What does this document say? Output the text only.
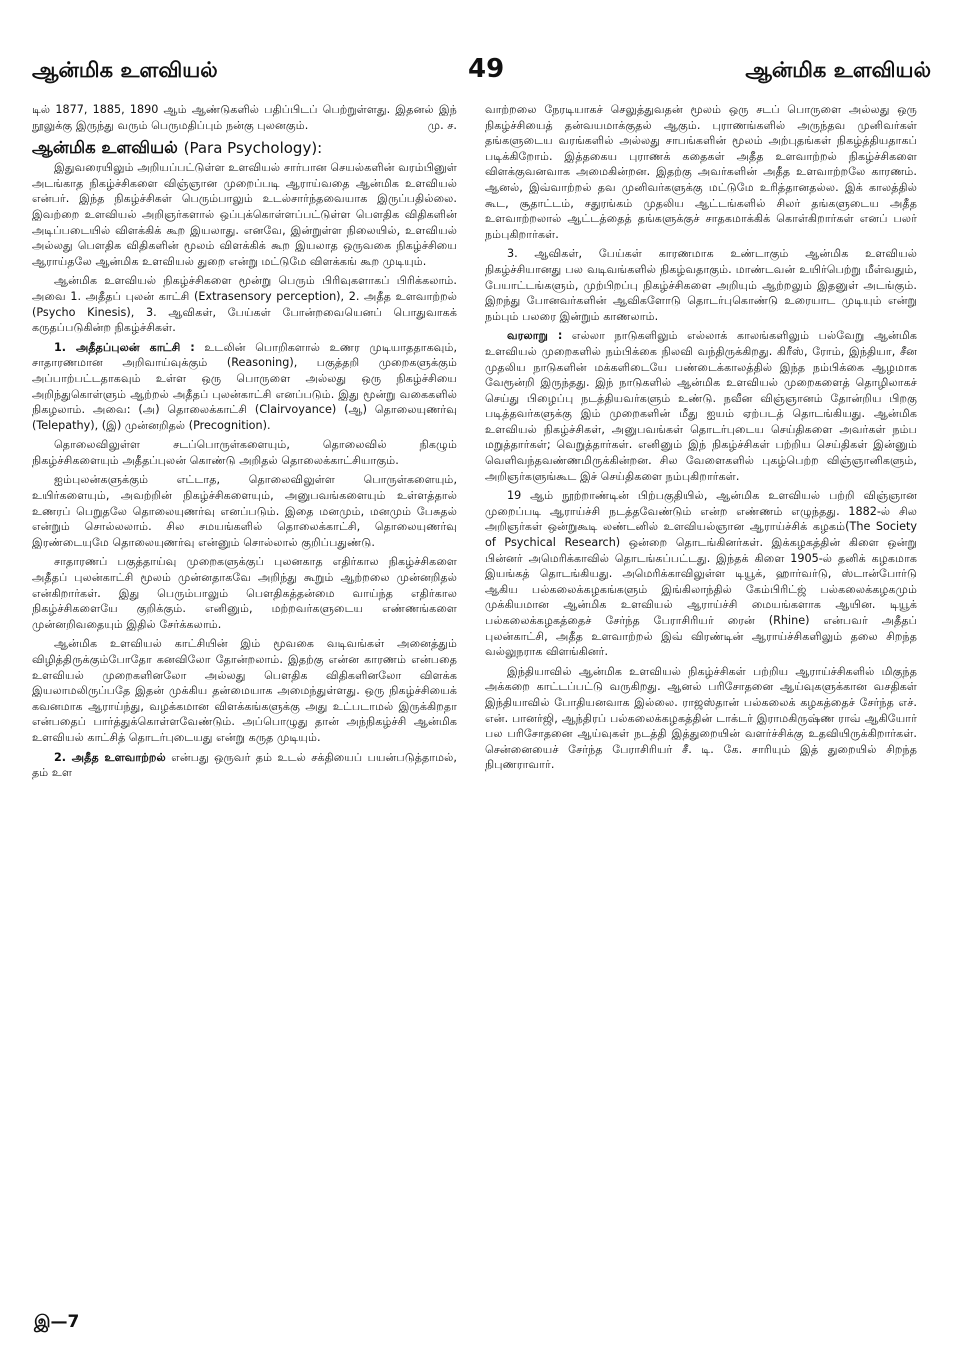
ஆன்மிக உளவியல்	49	ஆன்மிக உளவியல்

டில் 1877, 1885, 1890 ஆம் ஆண்டுகளில் பதிப்பிடப் பெற்றுள்ளது. இதனல் இந் நூலுக்கு இருந்து வரும் பெருமதிப்பும் நன்கு புலனகும்.	மு. ச.

ஆன்மிக உளவியல் (Para Psychology):

இதுவரையிலும் அறியப்பட்டுள்ள உளவியல் சார்பான செயல்களின் வரம்பினுள் அடங்காத நிகழ்ச்சிகளை விஞ்ஞான முறைப்படி ஆராய்வதை ஆன்மிக உளவியல் என்பர். இந்த நிகழ்ச்சிகள் பெரும்பாலும் உடல்சார்ந்தவையாக இருப்பதில்லை. இவற்றை உளவியல் அறிஞர்களால் ஒப்புக்கொள்ளப்பட்டுள்ள பௌதிக விதிகளின் அடிப்படையில் விளக்கிக் கூற இயலாது. எனவே, இன்றுள்ள நிலையில், உளவியல் அல்லது பௌதிக விதிகளின் மூலம் விளக்கிக் கூற இயலாத ஒருவகை நிகழ்ச்சியை ஆராய்தலே ஆன்மிக உளவியல் துறை என்று மட்டுமே விளக்கங் கூற முடியும்.

ஆன்மிக உளவியல் நிகழ்ச்சிகளை மூன்று பெரும் பிரிவுகளாகப் பிரிக்கலாம். அவை 1. அதீதப் புலன் காட்சி (Extrasensory perception), 2. அதீத உளவாற்றல் (Psycho Kinesis), 3. ஆவிகள், பேய்கள் போன்றவையெனப் பொதுவாகக் கருதப்படுகின்ற நிகழ்ச்சிகள்.

1. அதீதப்புலன் காட்சி : உடலின் பொறிகளால் உணர முடியாததாகவும், சாதாரணமான அறிவாய்வுக்கும் (Reasoning), பகுத்தறி முறைகளுக்கும் அப்பாற்பட்டதாகவும் உள்ள ஒரு பொருளை அல்லது ஒரு நிகழ்ச்சியை அறிந்துகொள்ளும் ஆற்றல் அதீதப் புலன்காட்சி எனப்படும். இது மூன்று வகைகளில் நிகழலாம். அவை: (அ) தொலைக்காட்சி (Clairvoyance) (ஆ) தொலையுணர்வு (Telepathy), (இ) முன்னறிதல் (Precognition).

தொலைவிலுள்ள சடப்பொருள்களையும், தொலைவில் நிகழும் நிகழ்ச்சிகளையும் அதீதப்புலன் கொண்டு அறிதல் தொலைக்காட்சியாகும்.

ஐம்புலன்களுக்கும் எட்டாத, தொலைவிலுள்ள பொருள்களையும், உயிர்களையும், அவற்றின் நிகழ்ச்சிகளையும், அனுபவங்களையும் உள்ளத்தால் உணரப் பெறுதலே தொலையுணர்வு எனப்படும். இதை மனமும், மனமும் பேசுதல் என்றும் சொல்லலாம். சில சமயங்களில் தொலைக்காட்சி, தொலையுணர்வு இரண்டையுமே தொலையுணர்வு என்னும் சொல்லால் குறிப்பதுண்டு.

சாதாரணப் பகுத்தாய்வு முறைகளுக்குப் புலனகாத எதிர்கால நிகழ்ச்சிகளை அதீதப் புலன்காட்சி மூலம் முன்னதாகவே அறிந்து கூறும் ஆற்றலை முன்னறிதல் என்கிறார்கள். இது பெரும்பாலும் பௌதிகத்தன்மை வாய்ந்த எதிர்கால நிகழ்ச்சிகளையே குறிக்கும். எனினும், மற்றவர்களுடைய எண்ணங்களை முன்னறிவதையும் இதில் சேர்க்கலாம்.

ஆன்மிக உளவியல் காட்சியின் இம் மூவகை வடிவங்கள் அனைத்தும் விழித்திருக்கும்போதோ கனவிலோ தோன்றலாம். இதற்கு என்ன காரணம் என்பதை உளவியல் முறைகளினலோ அல்லது பௌதிக விதிகளினலோ விளக்க இயலாமலிருப்பதே இதன் முக்கிய தன்மையாக அமைந்துள்ளது. ஒரு நிகழ்ச்சியைக் கவனமாக ஆராய்ந்து, வழக்கமான விளக்கங்களுக்கு அது உட்படாமல் இருக்கிறதா என்பதைப் பார்த்துக்கொள்ளவேண்டும். அப்பொழுது தான் அந்நிகழ்ச்சி ஆன்மிக உளவியல் காட்சித் தொடர்புடையது என்று கருத முடியும்.

2. அதீத உளவாற்றல் என்பது ஒருவர் தம் உடல் சக்தியைப் பயன்படுத்தாமல், தம் உள

வாற்றலை நேரடியாகச் செலுத்துவதன் மூலம் ஒரு சடப் பொருளை அல்லது ஒரு நிகழ்ச்சியைத் தன்வயமாக்குதல் ஆகும். புராணங்களில் அருந்தவ முனிவர்கள் தங்களுடைய வரங்களில் அல்லது சாபங்களின் மூலம் அற்புதங்கள் நிகழ்த்தியதாகப் படிக்கிறோம். இத்தகைய புராணக் கதைகள் அதீத உளவாற்றல் நிகழ்ச்சிகளை விளக்குவனவாக அமைகின்றன. இதற்கு அவர்களின் அதீத உளவாற்றலே காரணம். ஆனல், இவ்வாற்றல் தவ முனிவர்களுக்கு மட்டுமே உரித்தானதல்ல. இக் காலத்தில் கூட, சூதாட்டம், சதுரங்கம் முதலிய ஆட்டங்களில் சிலர் தங்களுடைய அதீத உளவாற்றலால் ஆட்டத்தைத் தங்களுக்குச் சாதகமாக்கிக் கொள்கிறார்கள் எனப் பலர் நம்புகிறார்கள்.

3. ஆவிகள், பேய்கள் காரணமாக உண்டாகும் ஆன்மிக உளவியல் நிகழ்ச்சியானது பல வடிவங்களில் நிகழ்வதாகும். மாண்டவன் உயிர்பெற்று மீள்வதும், பேயாட்டங்களும், முற்பிறப்பு நிகழ்ச்சிகளை அறியும் ஆற்றலும் இதனுள் அடங்கும். இறந்து போனவர்களின் ஆவிகளோடு தொடர்புகொண்டு உரையாட முடியும் என்று நம்பும் பலரை இன்றும் காணலாம்.

வரலாறு : எல்லா நாடுகளிலும் எல்லாக் காலங்களிலும் பல்வேறு ஆன்மிக உளவியல் முறைகளில் நம்பிக்கை நிலவி வந்திருக்கிறது. கிரீஸ், ரோம், இந்தியா, சீன முதலிய நாடுகளின் மக்களிடையே பண்டைக்காலத்தில் இந்த நம்பிக்கை ஆழமாக வேரூன்றி இருந்தது. இந் நாடுகளில் ஆன்மிக உளவியல் முறைகளைத் தொழிலாகச் செய்து பிழைப்பு நடத்தியவர்களும் உண்டு. நவீன விஞ்ஞானம் தோன்றிய பிறகு படித்தவர்களுக்கு இம் முறைகளின் மீது ஐயம் ஏற்படத் தொடங்கியது. ஆன்மிக உளவியல் நிகழ்ச்சிகள், அனுபவங்கள் தொடர்புடைய செய்திகளை அவர்கள் நம்ப மறுத்தார்கள்; வெறுத்தார்கள். எனினும் இந் நிகழ்ச்சிகள் பற்றிய செய்திகள் இன்னும் வெளிவந்தவண்ணமிருக்கின்றன. சில வேளைகளில் புகழ்பெற்ற விஞ்ஞானிகளும், அறிஞர்களுங்கூட இச் செய்திகளை நம்புகிறார்கள்.

19 ஆம் நூற்றாண்டின் பிற்பகுதியில், ஆன்மிக உளவியல் பற்றி விஞ்ஞான முறைப்படி ஆராய்ச்சி நடத்தவேண்டும் என்ற எண்ணம் எழுந்தது. 1882-ல் சில அறிஞர்கள் ஒன்றுகூடி லண்டனில் உளவியல்ஞான ஆராய்ச்சிக் கழகம்(The Society of Psychical Research) ஒன்றை தொடங்கினர்கள். இக்கழகத்தின் கிளை ஒன்று பின்னர் அமெரிக்காவில் தொடங்கப்பட்டது. இந்தக் கிளை 1905-ல் தனிக் கழகமாக இயங்கத் தொடங்கியது. அமெரிக்காவிலுள்ள டியூக், ஹார்வர்டு, ஸ்டான்போர்டு ஆகிய பல்கலைக்கழகங்களும் இங்கிலாந்தில் கேம்பிரிட்ஜ் பல்கலைக்கழகமும் முக்கியமான ஆன்மிக உளவியல் ஆராய்ச்சி மையங்களாக ஆயின. டியூக் பல்கலைக்கழகத்தைச் சேர்ந்த பேராசிரியர் ரைன் (Rhine) என்பவர் அதீதப் புலன்காட்சி, அதீத உளவாற்றல் இவ் விரண்டின் ஆராய்ச்சிகளிலும் தலை சிறந்த வல்லுநராக விளங்கினர்.

இந்தியாவில் ஆன்மிக உளவியல் நிகழ்ச்சிகள் பற்றிய ஆராய்ச்சிகளில் மிகுந்த அக்கறை காட்டப்பட்டு வருகிறது. ஆனல் பரிசோதனை ஆய்வுகளுக்கான வசதிகள் இந்தியாவில் போதியனவாக இல்லை. ராஜஸ்தான் பல்கலைக் கழகத்தைச் சேர்ந்த எச். என். பானர்ஜி, ஆந்திரப் பல்கலைக்கழகத்தின் டாக்டர் இராமகிருஷ்ண ராவ் ஆகியோர் பல பரிசோதனை ஆய்வுகள் நடத்தி இத்துறையின் வளர்ச்சிக்கு உதவியிருக்கிறார்கள். சென்னையைச் சேர்ந்த பேராசிரியர் சீ. டி. கே. சாரியும் இத் துறையில் சிறந்த நிபுணராவார்.

இ—7
